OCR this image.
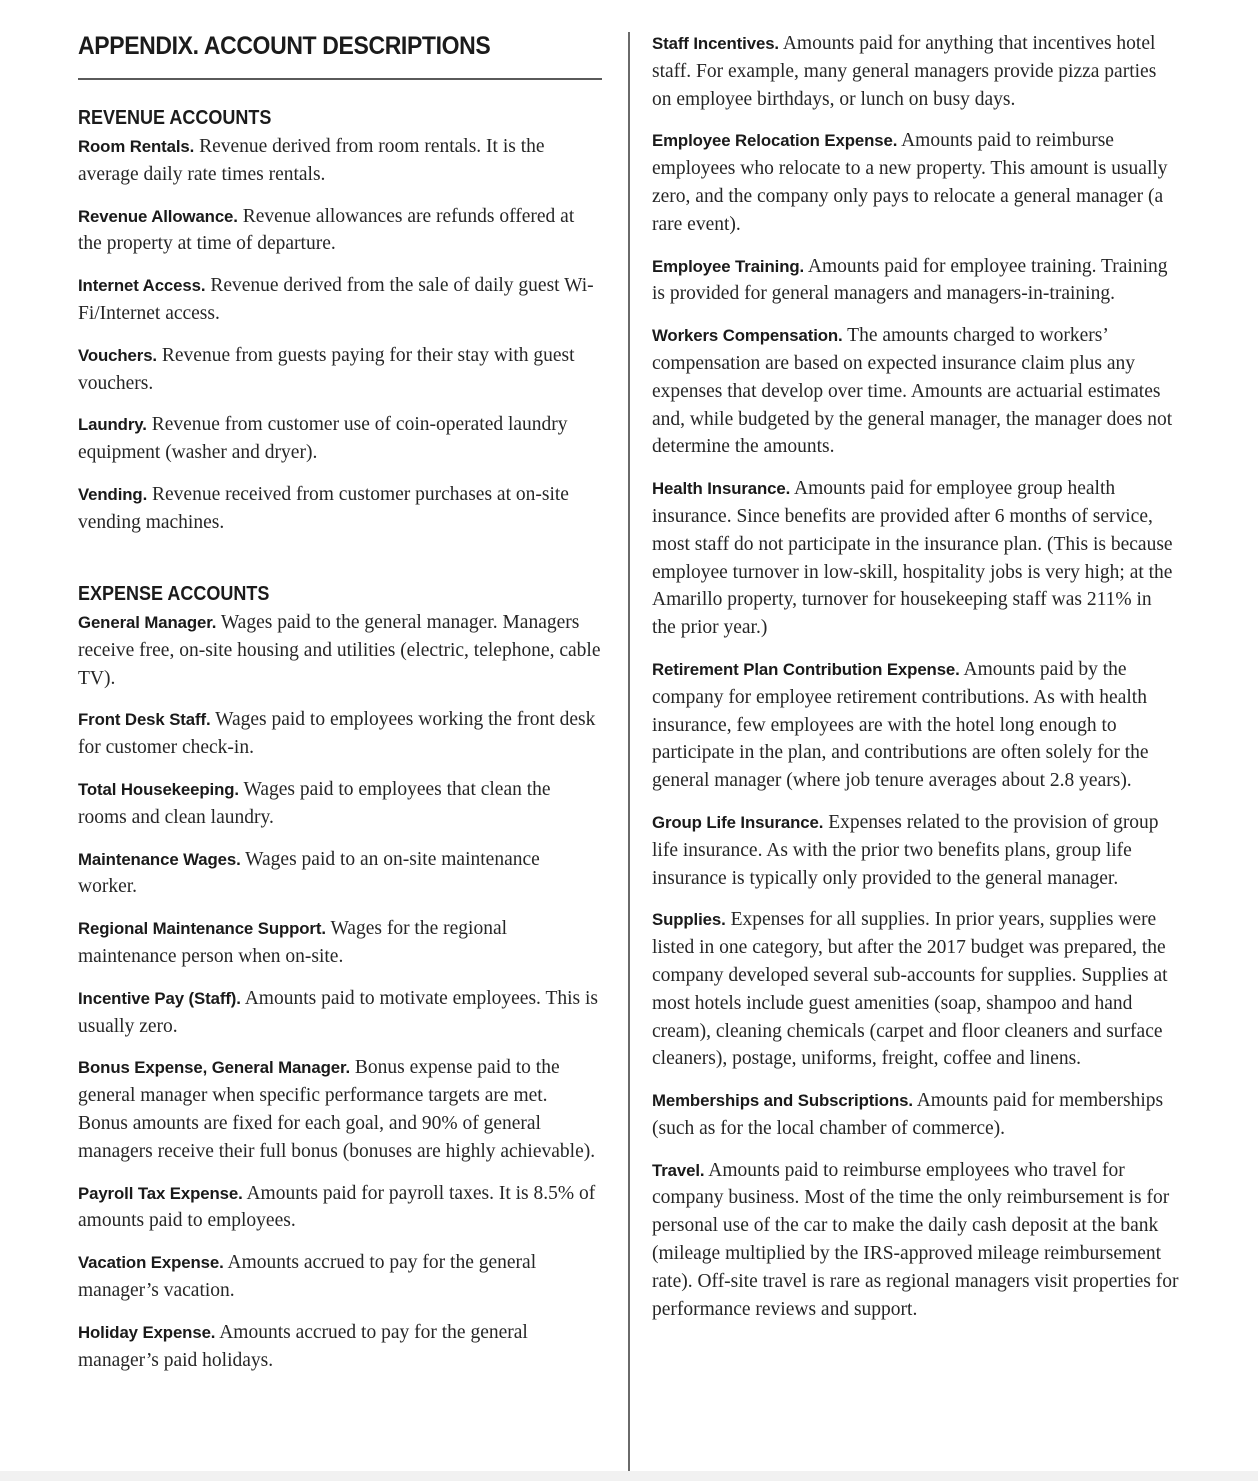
APPENDIX. ACCOUNT DESCRIPTIONS
REVENUE ACCOUNTS

Room Rentals. Revenue derived from room rentals. It is the average daily rate times rentals.

Revenue Allowance. Revenue allowances are refunds offered at the property at time of departure.

Internet Access. Revenue derived from the sale of daily guest Wi-Fi/Internet access.

Vouchers. Revenue from guests paying for their stay with guest vouchers.

Laundry. Revenue from customer use of coin-operated laundry equipment (washer and dryer).

Vending. Revenue received from customer purchases at on-site vending machines.

EXPENSE ACCOUNTS

General Manager. Wages paid to the general manager. Managers receive free, on-site housing and utilities (electric, telephone, cable TV).

Front Desk Staff. Wages paid to employees working the front desk for customer check-in.

Total Housekeeping. Wages paid to employees that clean the rooms and clean laundry.

Maintenance Wages. Wages paid to an on-site maintenance worker.

Regional Maintenance Support. Wages for the regional maintenance person when on-site.

Incentive Pay (Staff). Amounts paid to motivate employees. This is usually zero.

Bonus Expense, General Manager. Bonus expense paid to the general manager when specific performance targets are met. Bonus amounts are fixed for each goal, and 90% of general managers receive their full bonus (bonuses are highly achievable).

Payroll Tax Expense. Amounts paid for payroll taxes. It is 8.5% of amounts paid to employees.

Vacation Expense. Amounts accrued to pay for the general manager’s vacation.

Holiday Expense. Amounts accrued to pay for the general manager’s paid holidays.

Staff Incentives. Amounts paid for anything that incentives hotel staff. For example, many general managers provide pizza parties on employee birthdays, or lunch on busy days.

Employee Relocation Expense. Amounts paid to reimburse employees who relocate to a new property. This amount is usually zero, and the company only pays to relocate a general manager (a rare event).

Employee Training. Amounts paid for employee training. Training is provided for general managers and managers-in-training.

Workers Compensation. The amounts charged to workers’ compensation are based on expected insurance claim plus any expenses that develop over time. Amounts are actuarial estimates and, while budgeted by the general manager, the manager does not determine the amounts.

Health Insurance. Amounts paid for employee group health insurance. Since benefits are provided after 6 months of service, most staff do not participate in the insurance plan. (This is because employee turnover in low-skill, hospitality jobs is very high; at the Amarillo property, turnover for housekeeping staff was 211% in the prior year.)

Retirement Plan Contribution Expense. Amounts paid by the company for employee retirement contributions. As with health insurance, few employees are with the hotel long enough to participate in the plan, and contributions are often solely for the general manager (where job tenure averages about 2.8 years).

Group Life Insurance. Expenses related to the provision of group life insurance. As with the prior two benefits plans, group life insurance is typically only provided to the general manager.

Supplies. Expenses for all supplies. In prior years, supplies were listed in one category, but after the 2017 budget was prepared, the company developed several sub-accounts for supplies. Supplies at most hotels include guest amenities (soap, shampoo and hand cream), cleaning chemicals (carpet and floor cleaners and surface cleaners), postage, uniforms, freight, coffee and linens.

Memberships and Subscriptions. Amounts paid for memberships (such as for the local chamber of commerce).

Travel. Amounts paid to reimburse employees who travel for company business. Most of the time the only reimbursement is for personal use of the car to make the daily cash deposit at the bank (mileage multiplied by the IRS-approved mileage reimbursement rate). Off-site travel is rare as regional managers visit properties for performance reviews and support.
